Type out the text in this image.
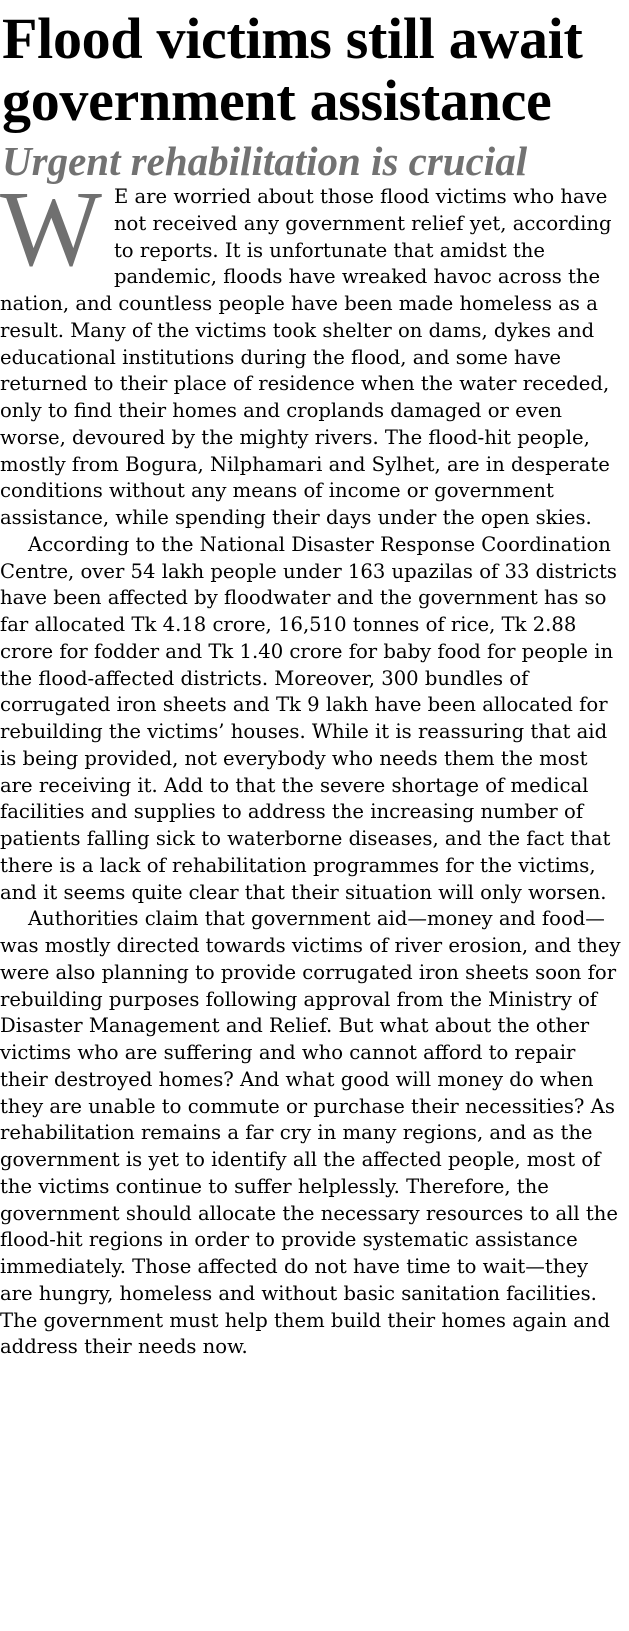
Flood victims still await government assistance
Urgent rehabilitation is crucial

W E are worried about those flood victims who have not received any government relief yet, according to reports. It is unfortunate that amidst the pandemic, floods have wreaked havoc across the nation, and countless people have been made homeless as a result. Many of the victims took shelter on dams, dykes and educational institutions during the flood, and some have returned to their place of residence when the water receded, only to find their homes and croplands damaged or even worse, devoured by the mighty rivers. The flood-hit people, mostly from Bogura, Nilphamari and Sylhet, are in desperate conditions without any means of income or government assistance, while spending their days under the open skies.

According to the National Disaster Response Coordination Centre, over 54 lakh people under 163 upazilas of 33 districts have been affected by floodwater and the government has so far allocated Tk 4.18 crore, 16,510 tonnes of rice, Tk 2.88 crore for fodder and Tk 1.40 crore for baby food for people in the flood-affected districts. Moreover, 300 bundles of corrugated iron sheets and Tk 9 lakh have been allocated for rebuilding the victims’ houses. While it is reassuring that aid is being provided, not everybody who needs them the most are receiving it. Add to that the severe shortage of medical facilities and supplies to address the increasing number of patients falling sick to waterborne diseases, and the fact that there is a lack of rehabilitation programmes for the victims, and it seems quite clear that their situation will only worsen.

Authorities claim that government aid—money and food—was mostly directed towards victims of river erosion, and they were also planning to provide corrugated iron sheets soon for rebuilding purposes following approval from the Ministry of Disaster Management and Relief. But what about the other victims who are suffering and who cannot afford to repair their destroyed homes? And what good will money do when they are unable to commute or purchase their necessities? As rehabilitation remains a far cry in many regions, and as the government is yet to identify all the affected people, most of the victims continue to suffer helplessly. Therefore, the government should allocate the necessary resources to all the flood-hit regions in order to provide systematic assistance immediately. Those affected do not have time to wait—they are hungry, homeless and without basic sanitation facilities. The government must help them build their homes again and address their needs now.
